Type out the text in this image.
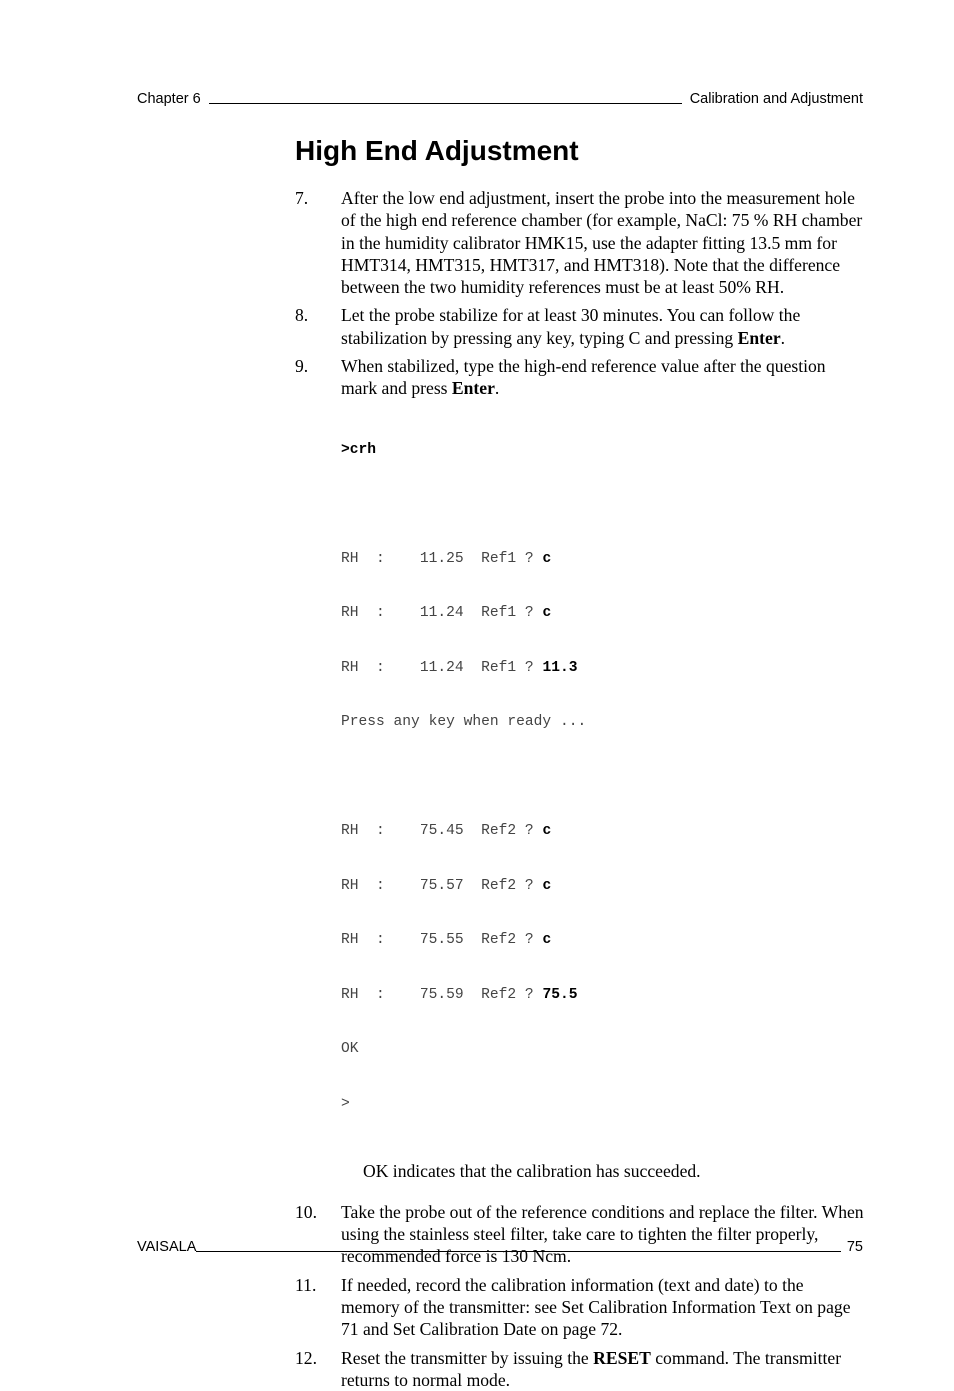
Chapter 6	Calibration and Adjustment
High End Adjustment
7.	After the low end adjustment, insert the probe into the measurement hole of the high end reference chamber (for example, NaCl: 75 % RH chamber in the humidity calibrator HMK15, use the adapter fitting 13.5 mm for HMT314, HMT315, HMT317, and HMT318). Note that the difference between the two humidity references must be at least 50% RH.
8.	Let the probe stabilize for at least 30 minutes. You can follow the stabilization by pressing any key, typing C and pressing Enter.
9.	When stabilized, type the high-end reference value after the question mark and press Enter.

>crh

RH  :    11.25  Ref1 ? c

RH  :    11.24  Ref1 ? c

RH  :    11.24  Ref1 ? 11.3

Press any key when ready ...

RH  :    75.45  Ref2 ? c

RH  :    75.57  Ref2 ? c

RH  :    75.55  Ref2 ? c

RH  :    75.59  Ref2 ? 75.5

OK

>

OK indicates that the calibration has succeeded.
10.	Take the probe out of the reference conditions and replace the filter. When using the stainless steel filter, take care to tighten the filter properly, recommended force is 130 Ncm.
11.	If needed, record the calibration information (text and date) to the memory of the transmitter: see Set Calibration Information Text on page 71 and Set Calibration Date on page 72.
12.	Reset the transmitter by issuing the RESET command. The transmitter returns to normal mode.
VAISALA	75
